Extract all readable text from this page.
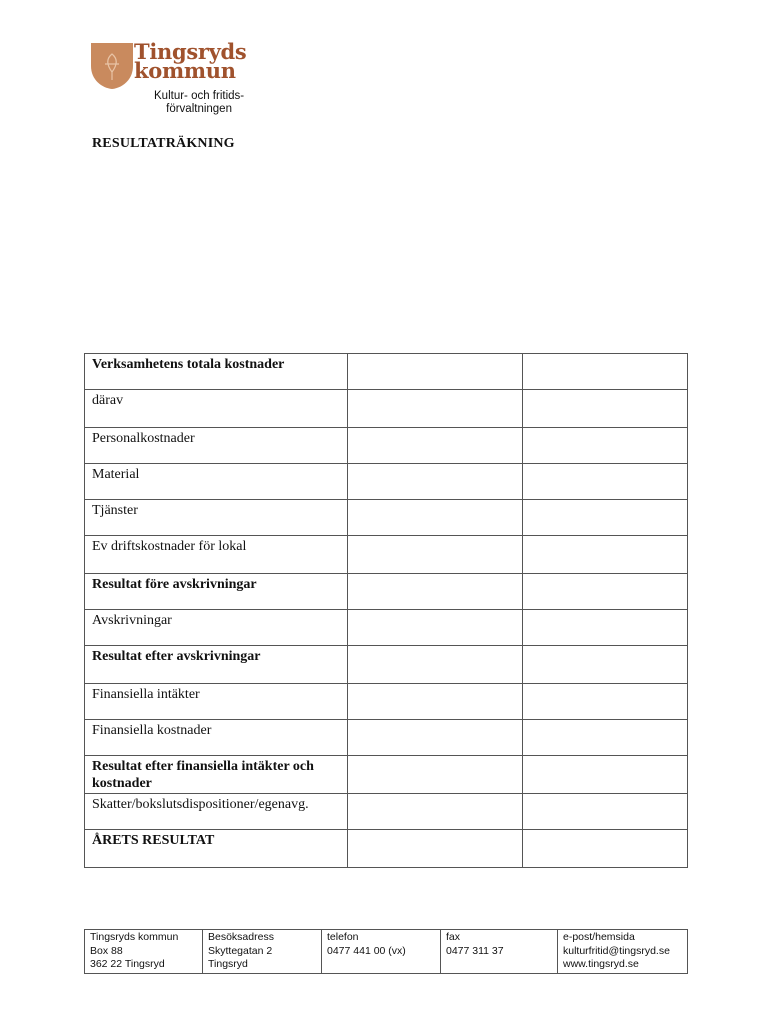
Tingsryds
kommun
Kultur- och fritids-
förvaltningen
RESULTATRÄKNING
Verksamhetens totala kostnader		
därav		
Personalkostnader		
Material		
Tjänster		
Ev driftskostnader för lokal		
Resultat före avskrivningar		
Avskrivningar		
Resultat efter avskrivningar		
Finansiella intäkter		
Finansiella kostnader		
Resultat efter finansiella intäkter och kostnader		
Skatter/bokslutsdispositioner/egenavg.		
ÅRETS RESULTAT		
Tingsryds kommun
Box 88
362 22 Tingsryd

Besöksadress
Skyttegatan 2
Tingsryd

telefon
0477 441 00 (vx)

fax
0477 311 37

e-post/hemsida
kulturfritid@tingsryd.se
www.tingsryd.se
